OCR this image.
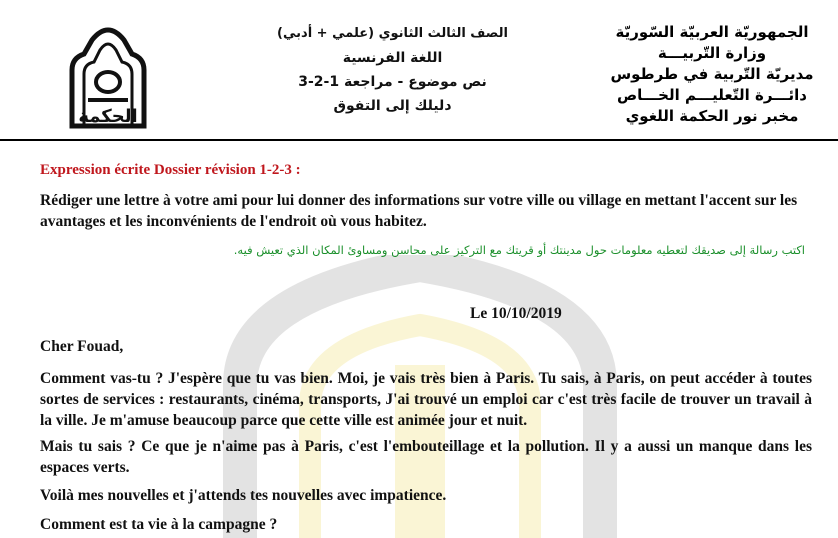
الجمهوريّة العربيّة السّوريّة
وزارة التّربيـــة
مديريّة التّربية في طرطوس
دائـــرة التّعليـــم الخـــاص
مخبر نور الحكمة اللغوي
الصف الثالث الثانوي (علمي + أدبي)
اللغة الفرنسية
نص موضوع - مراجعة 1-2-3
دليلك إلى التفوق
الحكمة
Expression écrite Dossier révision 1-2-3 :
Rédiger une lettre à votre ami pour lui donner des informations sur votre ville ou village en mettant l'accent sur les avantages et les inconvénients de l'endroit où vous habitez.
اكتب رسالة إلى صديقك لتعطيه معلومات حول مدينتك أو قريتك مع التركيز على محاسن ومساوئ المكان الذي تعيش فيه.
Le 10/10/2019
Cher Fouad,
Comment vas-tu ? J'espère que tu vas bien. Moi, je vais très bien à Paris. Tu sais, à Paris, on peut accéder à toutes sortes de services : restaurants, cinéma, transports, J'ai trouvé un emploi car c'est très facile de trouver un travail à la ville. Je m'amuse beaucoup parce que cette ville est animée jour et nuit.
Mais tu sais ? Ce que je n'aime pas à Paris, c'est l'embouteillage et la pollution. Il y a aussi un manque dans les espaces verts.
Voilà mes nouvelles et j'attends tes nouvelles avec impatience.
Comment est ta vie à la campagne ?
